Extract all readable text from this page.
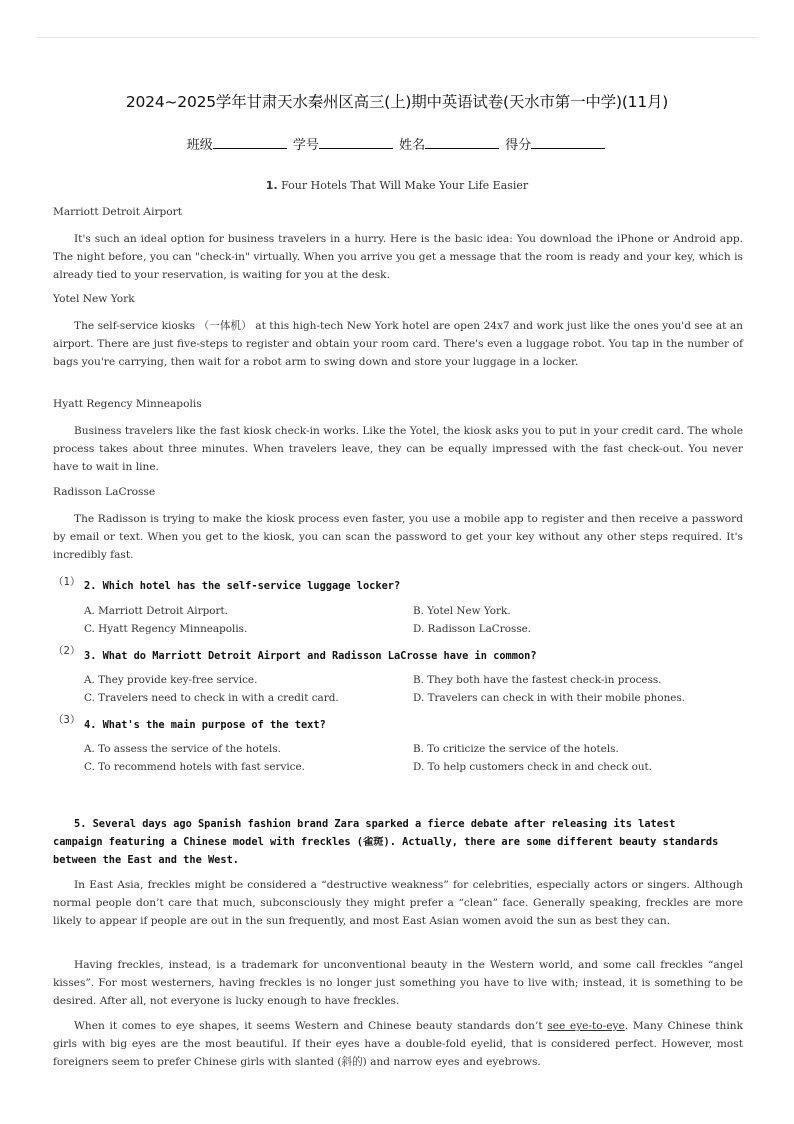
2024~2025学年甘肃天水秦州区高三(上)期中英语试卷(天水市第一中学)(11月)
班级	学号	姓名	得分
1. Four Hotels That Will Make Your Life Easier
Marriott Detroit Airport
It's such an ideal option for business travelers in a hurry. Here is the basic idea: You download the iPhone or Android app. The night before, you can "check-in" virtually. When you arrive you get a message that the room is ready and your key, which is already tied to your reservation, is waiting for you at the desk.
Yotel New York
The self-service kiosks （一体机） at this high-tech New York hotel are open 24x7 and work just like the ones you'd see at an airport. There are just five-steps to register and obtain your room card. There's even a luggage robot. You tap in the number of bags you're carrying, then wait for a robot arm to swing down and store your luggage in a locker.
Hyatt Regency Minneapolis
Business travelers like the fast kiosk check-in works. Like the Yotel, the kiosk asks you to put in your credit card. The whole process takes about three minutes. When travelers leave, they can be equally impressed with the fast check-out. You never have to wait in line.
Radisson LaCrosse
The Radisson is trying to make the kiosk process even faster, you use a mobile app to register and then receive a password by email or text. When you get to the kiosk, you can scan the password to get your key without any other steps required. It's incredibly fast.
（1） 2. Which hotel has the self-service luggage locker?
A. Marriott Detroit Airport.	B. Yotel New York.
C. Hyatt Regency Minneapolis.	D. Radisson LaCrosse.
（2） 3. What do Marriott Detroit Airport and Radisson LaCrosse have in common?
A. They provide key-free service.	B. They both have the fastest check-in process.
C. Travelers need to check in with a credit card.	D. Travelers can check in with their mobile phones.
（3） 4. What's the main purpose of the text?
A. To assess the service of the hotels.	B. To criticize the service of the hotels.
C. To recommend hotels with fast service.	D. To help customers check in and check out.
5. Several days ago Spanish fashion brand Zara sparked a fierce debate after releasing its latest campaign featuring a Chinese model with freckles (雀斑). Actually, there are some different beauty standards between the East and the West.
In East Asia, freckles might be considered a “destructive weakness” for celebrities, especially actors or singers. Although normal people don’t care that much, subconsciously they might prefer a “clean” face. Generally speaking, freckles are more likely to appear if people are out in the sun frequently, and most East Asian women avoid the sun as best they can.
Having freckles, instead, is a trademark for unconventional beauty in the Western world, and some call freckles “angel kisses”. For most westerners, having freckles is no longer just something you have to live with; instead, it is something to be desired. After all, not everyone is lucky enough to have freckles.
When it comes to eye shapes, it seems Western and Chinese beauty standards don’t see eye-to-eye. Many Chinese think girls with big eyes are the most beautiful. If their eyes have a double-fold eyelid, that is considered perfect. However, most foreigners seem to prefer Chinese girls with slanted (斜的) and narrow eyes and eyebrows.
